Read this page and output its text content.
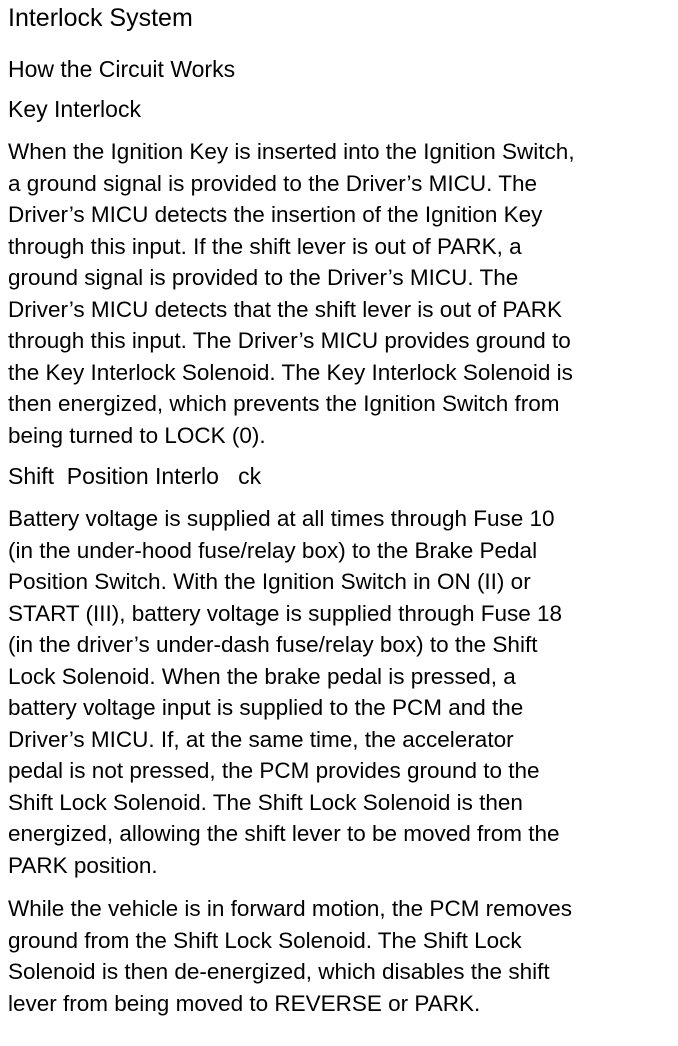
Interlock System
How the Circuit Works
Key Interlock

When the Ignition Key is inserted into the Ignition Switch,
a ground signal is provided to the Driver’s MICU. The
Driver’s MICU detects the insertion of the Ignition Key
through this input. If the shift lever is out of PARK, a
ground signal is provided to the Driver’s MICU. The
Driver’s MICU detects that the shift lever is out of PARK
through this input. The Driver’s MICU provides ground to
the Key Interlock Solenoid. The Key Interlock Solenoid is
then energized, which prevents the Ignition Switch from
being turned to LOCK (0).

Shift  Position Interlo   ck

Battery voltage is supplied at all times through Fuse 10
(in the under-hood fuse/relay box) to the Brake Pedal
Position Switch. With the Ignition Switch in ON (II) or
START (III), battery voltage is supplied through Fuse 18
(in the driver’s under-dash fuse/relay box) to the Shift
Lock Solenoid. When the brake pedal is pressed, a
battery voltage input is supplied to the PCM and the
Driver’s MICU. If, at the same time, the accelerator
pedal is not pressed, the PCM provides ground to the
Shift Lock Solenoid. The Shift Lock Solenoid is then
energized, allowing the shift lever to be moved from the
PARK position.

While the vehicle is in forward motion, the PCM removes
ground from the Shift Lock Solenoid. The Shift Lock
Solenoid is then de-energized, which disables the shift
lever from being moved to REVERSE or PARK.
